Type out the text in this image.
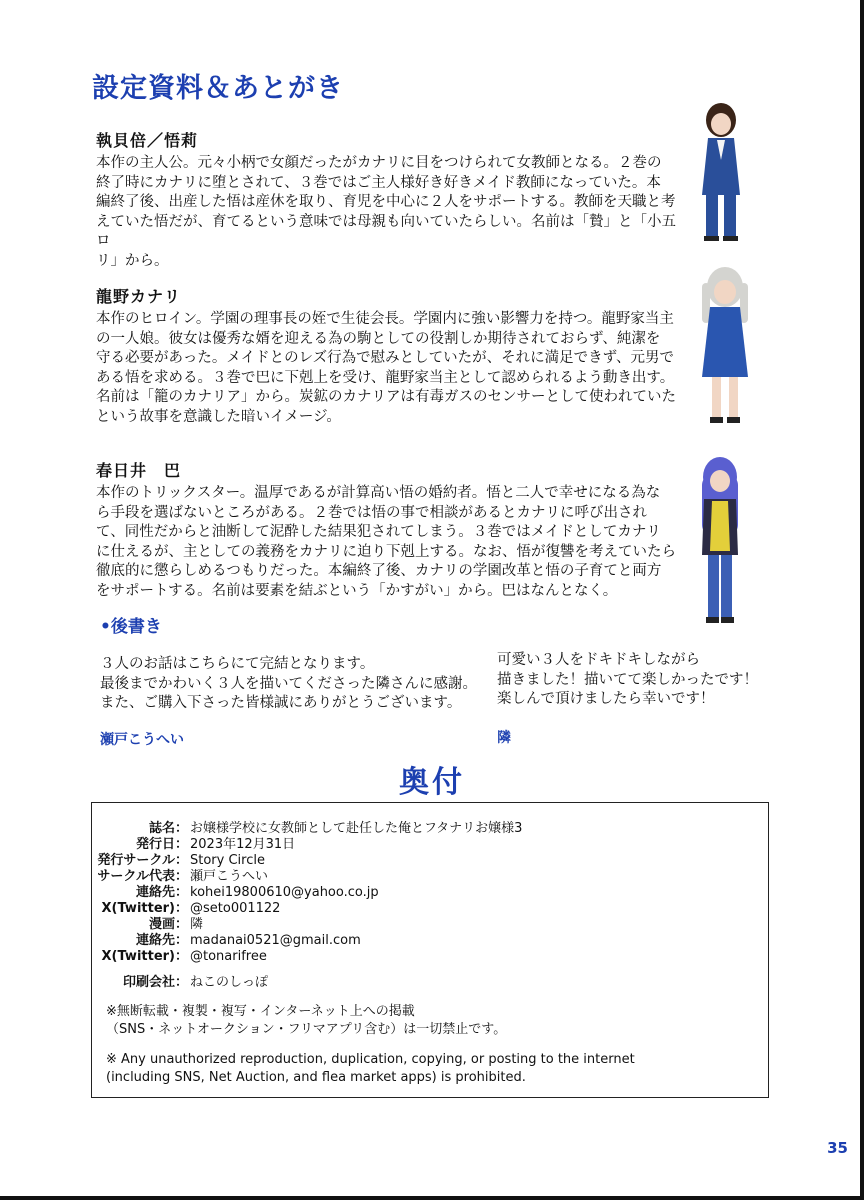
設定資料＆あとがき
執貝倍／悟莉
本作の主人公。元々小柄で女顔だったがカナリに目をつけられて女教師となる。２巻の
終了時にカナリに堕とされて、３巻ではご主人様好き好きメイド教師になっていた。本
編終了後、出産した悟は産休を取り、育児を中心に２人をサポートする。教師を天職と考
えていた悟だが、育てるという意味では母親も向いていたらしい。名前は「贄」と「小五ロ
リ」から。
龍野カナリ
本作のヒロイン。学園の理事長の姪で生徒会長。学園内に強い影響力を持つ。龍野家当主
の一人娘。彼女は優秀な婿を迎える為の駒としての役割しか期待されておらず、純潔を
守る必要があった。メイドとのレズ行為で慰みとしていたが、それに満足できず、元男で
ある悟を求める。３巻で巴に下剋上を受け、龍野家当主として認められるよう動き出す。
名前は「籠のカナリア」から。炭鉱のカナリアは有毒ガスのセンサーとして使われていた
という故事を意識した暗いイメージ。
春日井　巴
本作のトリックスター。温厚であるが計算高い悟の婚約者。悟と二人で幸せになる為な
ら手段を選ばないところがある。２巻では悟の事で相談があるとカナリに呼び出され
て、同性だからと油断して泥酔した結果犯されてしまう。３巻ではメイドとしてカナリ
に仕えるが、主としての義務をカナリに迫り下剋上する。なお、悟が復讐を考えていたら
徹底的に懲らしめるつもりだった。本編終了後、カナリの学園改革と悟の子育てと両方
をサポートする。名前は要素を結ぶという「かすがい」から。巴はなんとなく。
•後書き
３人のお話はこちらにて完結となります。
最後までかわいく３人を描いてくださった隣さんに感謝。
また、ご購入下さった皆様誠にありがとうございます。
瀬戸こうへい
可愛い３人をドキドキしながら
描きました！描いてて楽しかったです！
楽しんで頂けましたら幸いです！
隣
奥付
誌名： お嬢様学校に女教師として赴任した俺とフタナリお嬢様3
発行日： 2023年12月31日
発行サークル： Story Circle
サークル代表： 瀬戸こうへい
連絡先： kohei19800610@yahoo.co.jp
X(Twitter)： @seto001122
漫画： 隣
連絡先： madanai0521@gmail.com
X(Twitter)： @tonarifree
印刷会社： ねこのしっぽ
※無断転載・複製・複写・インターネット上への掲載
（SNS・ネットオークション・フリマアプリ含む）は一切禁止です。
※ Any unauthorized reproduction, duplication, copying, or posting to the internet
(including SNS, Net Auction, and flea market apps) is prohibited.
35
